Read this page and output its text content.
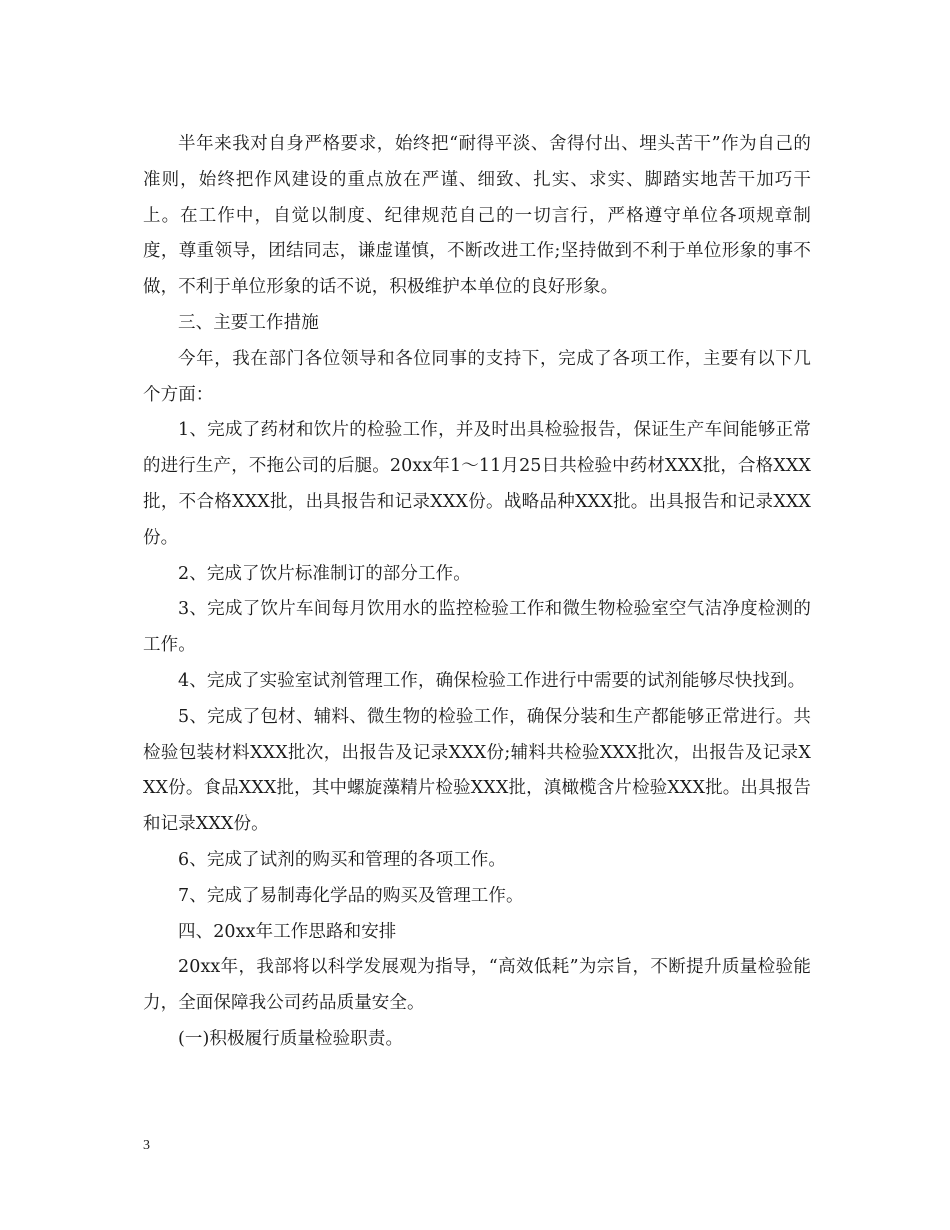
半年来我对自身严格要求，始终把“耐得平淡、舍得付出、埋头苦干”作为自己的准则，始终把作风建设的重点放在严谨、细致、扎实、求实、脚踏实地苦干加巧干上。在工作中，自觉以制度、纪律规范自己的一切言行，严格遵守单位各项规章制度，尊重领导，团结同志，谦虚谨慎，不断改进工作;坚持做到不利于单位形象的事不做，不利于单位形象的话不说，积极维护本单位的良好形象。

三、主要工作措施

今年，我在部门各位领导和各位同事的支持下，完成了各项工作，主要有以下几个方面：

1、完成了药材和饮片的检验工作，并及时出具检验报告，保证生产车间能够正常的进行生产，不拖公司的后腿。20xx年1～11月25日共检验中药材XXX批，合格XXX批，不合格XXX批，出具报告和记录XXX份。战略品种XXX批。出具报告和记录XXX份。

2、完成了饮片标准制订的部分工作。

3、完成了饮片车间每月饮用水的监控检验工作和微生物检验室空气洁净度检测的工作。

4、完成了实验室试剂管理工作，确保检验工作进行中需要的试剂能够尽快找到。

5、完成了包材、辅料、微生物的检验工作，确保分装和生产都能够正常进行。共检验包装材料XXX批次，出报告及记录XXX份;辅料共检验XXX批次，出报告及记录XXX份。食品XXX批，其中螺旋藻精片检验XXX批，滇橄榄含片检验XXX批。出具报告和记录XXX份。

6、完成了试剂的购买和管理的各项工作。

7、完成了易制毒化学品的购买及管理工作。

四、20xx年工作思路和安排

20xx年，我部将以科学发展观为指导，“高效低耗”为宗旨，不断提升质量检验能力，全面保障我公司药品质量安全。

(一)积极履行质量检验职责。

3
